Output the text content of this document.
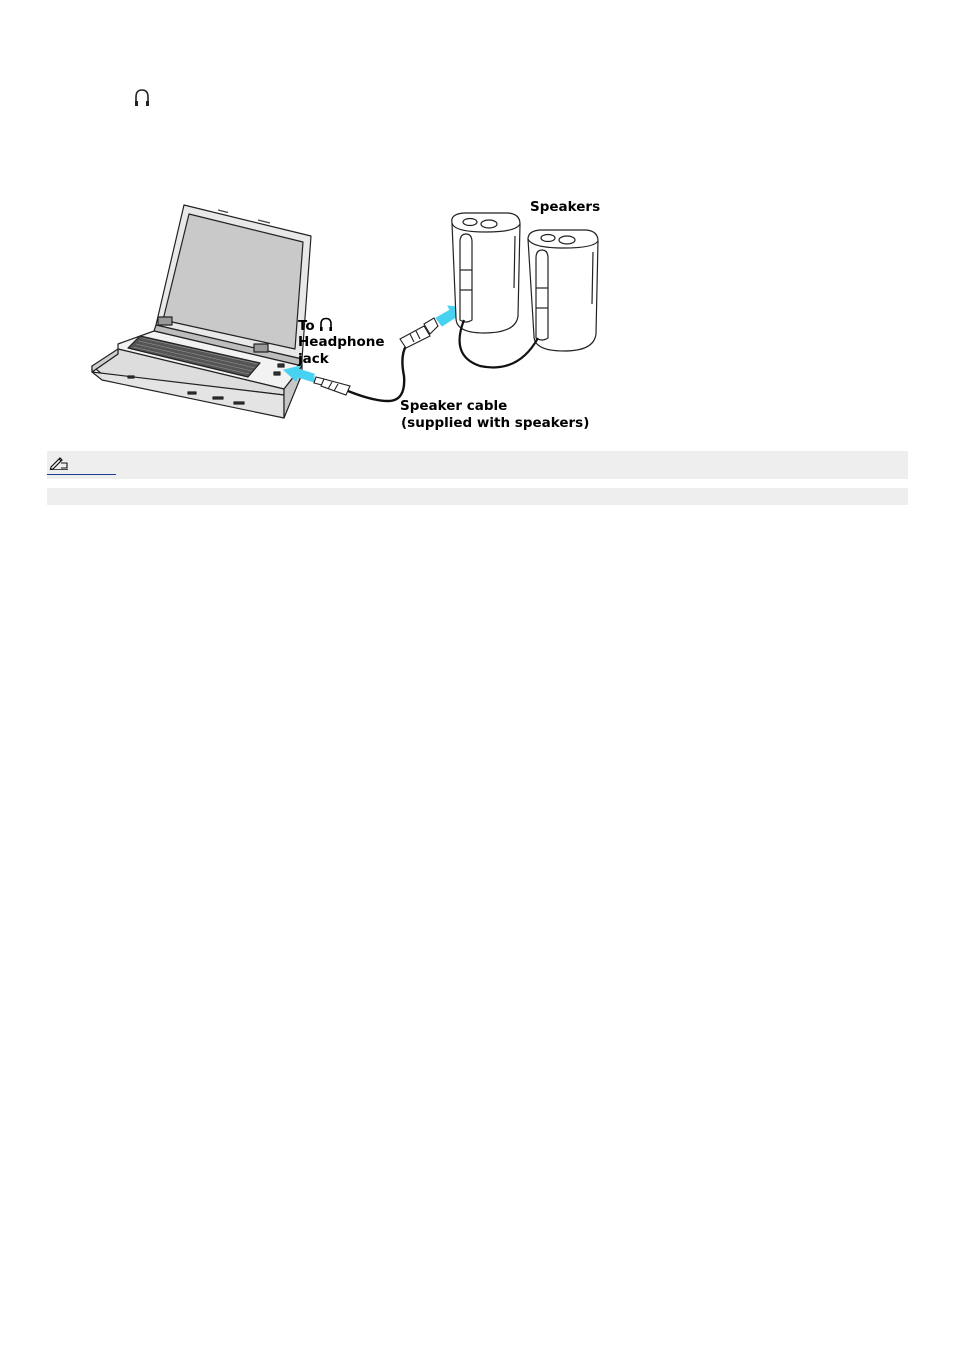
Speakers
To
Headphone
jack
Speaker cable
(supplied with speakers)
